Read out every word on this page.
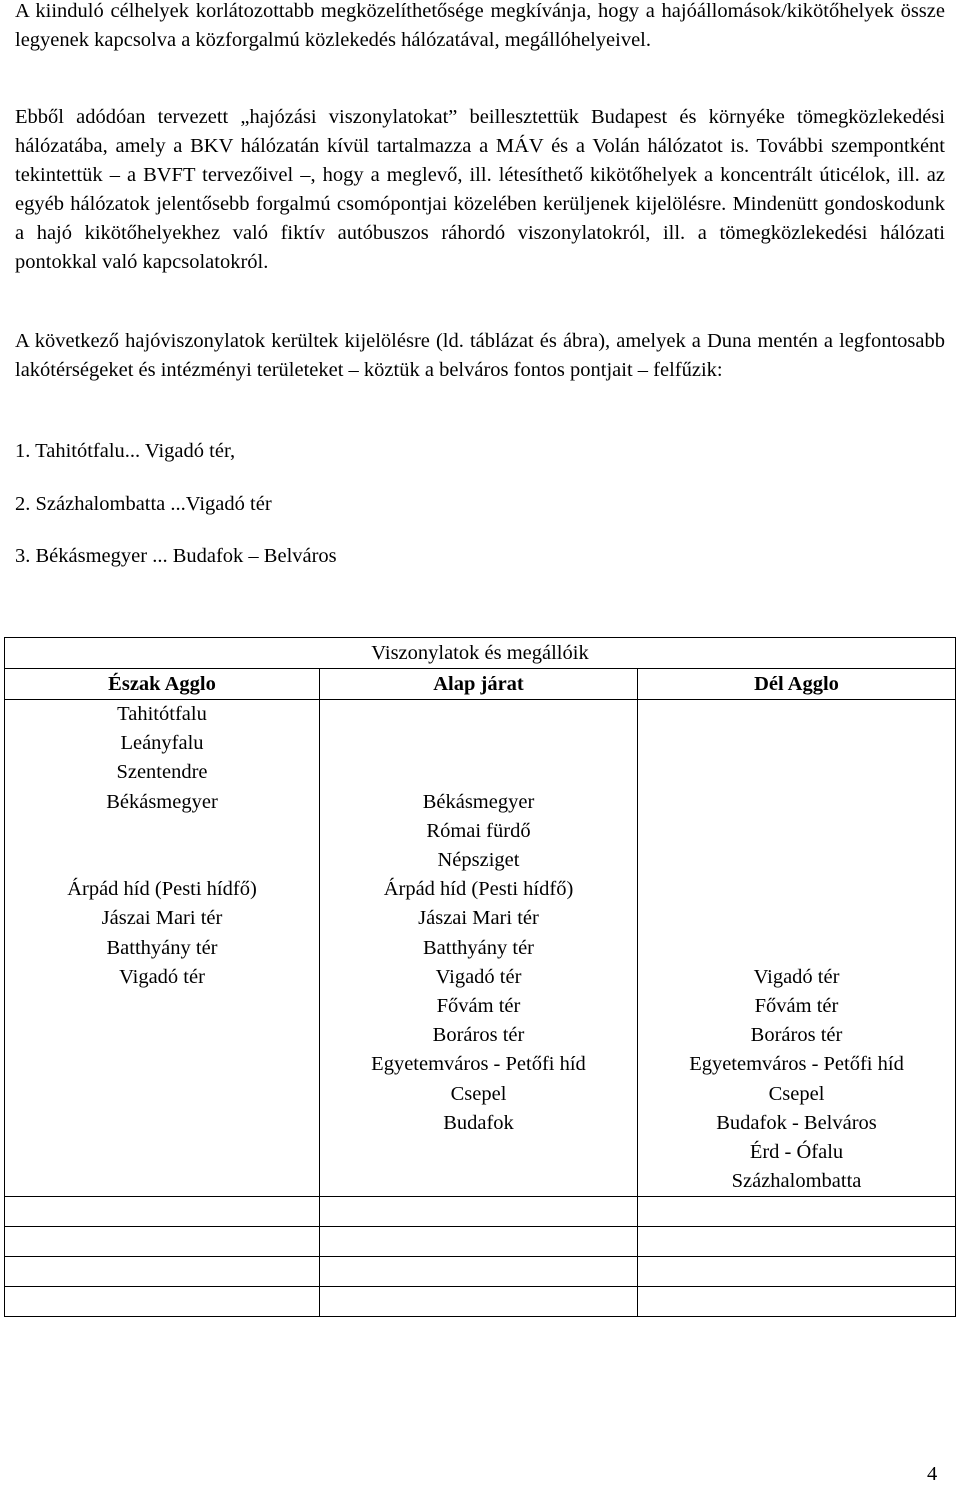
A kiinduló célhelyek korlátozottabb megközelíthetősége megkívánja, hogy a hajóállomások/kikötőhelyek össze legyenek kapcsolva a közforgalmú közlekedés hálózatával, megállóhelyeivel.

Ebből adódóan tervezett „hajózási viszonylatokat” beillesztettük Budapest és környéke tömegközlekedési hálózatába, amely a BKV hálózatán kívül tartalmazza a MÁV és a Volán hálózatot is. További szempontként tekintettük – a BVFT tervezőivel –, hogy a meglevő, ill. létesíthető kikötőhelyek a koncentrált úticélok, ill. az egyéb hálózatok jelentősebb forgalmú csomópontjai közelében kerüljenek kijelölésre. Mindenütt gondoskodunk a hajó kikötőhelyekhez való fiktív autóbuszos ráhordó viszonylatokról, ill. a tömegközlekedési hálózati pontokkal való kapcsolatokról.

A következő hajóviszonylatok kerültek kijelölésre (ld. táblázat és ábra), amelyek a Duna mentén a legfontosabb lakótérségeket és intézményi területeket – köztük a belváros fontos pontjait – felfűzik:

1. Tahitótfalu... Vigadó tér,

2. Százhalombatta ...Vigadó tér

3. Békásmegyer ... Budafok – Belváros

Viszonylatok és megállóik		
Észak Agglo	Alap járat	Dél Agglo
Tahitótfalu		
Leányfalu		
Szentendre		
Békásmegyer	Békásmegyer	
	Római fürdő	
	Népsziget	
Árpád híd (Pesti hídfő)	Árpád híd (Pesti hídfő)	
Jászai Mari tér	Jászai Mari tér	
Batthyány tér	Batthyány tér	
Vigadó tér	Vigadó tér	Vigadó tér
	Fővám tér	Fővám tér
	Boráros tér	Boráros tér
	Egyetemváros - Petőfi híd	Egyetemváros - Petőfi híd
	Csepel	Csepel
	Budafok	Budafok - Belváros
		Érd - Ófalu
		Százhalombatta

4
